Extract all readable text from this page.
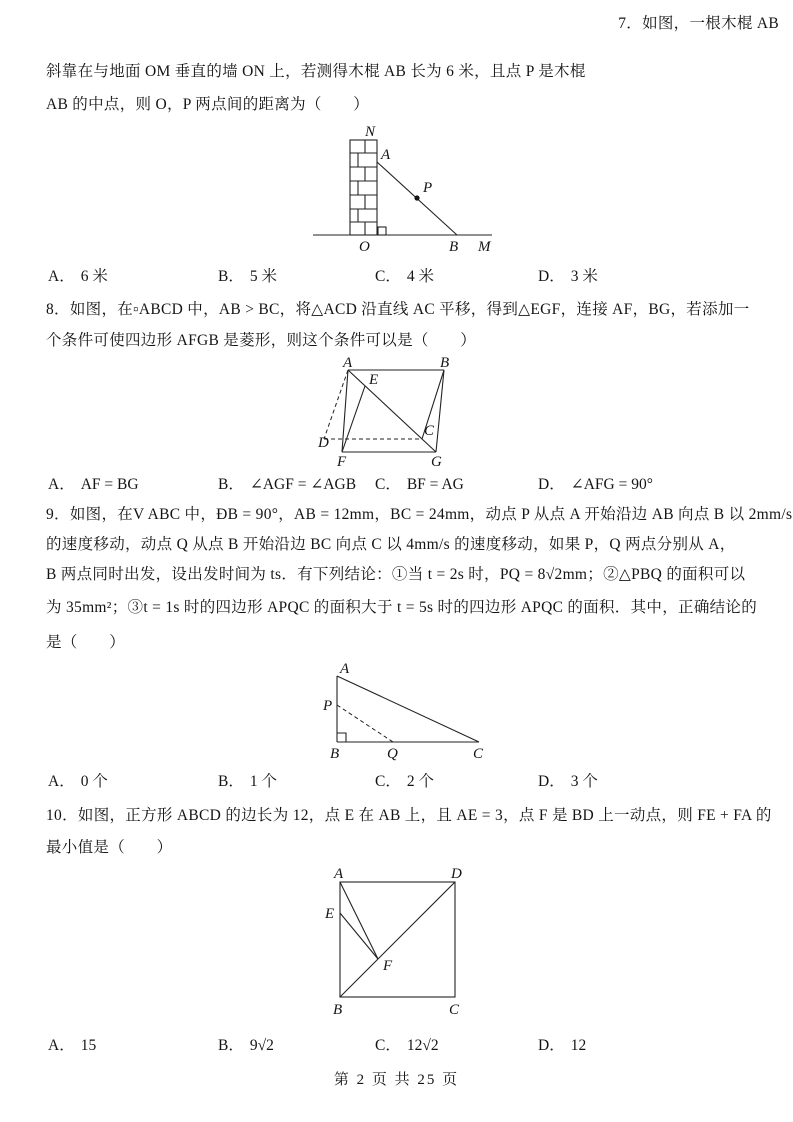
7．如图，一根木棍 AB
斜靠在与地面 OM 垂直的墙 ON 上，若测得木棍 AB 长为 6 米，且点 P 是木棍
AB 的中点，则 O，P 两点间的距离为（　　）
N
A
P
O	B M
A． 6 米	B． 5 米	C． 4 米	D． 3 米
8．如图，在▫ABCD 中，AB > BC，将△ACD 沿直线 AC 平移，得到△EGF，连接 AF，BG，若添加一
个条件可使四边形 AFGB 是菱形，则这个条件可以是（　　）
A	B
E
D
F	G
C
A． AF = BG	B． ∠AGF = ∠AGB C． BF = AG	D． ∠AFG = 90°
9．如图，在V ABC 中，ÐB = 90°，AB = 12mm，BC = 24mm，动点 P 从点 A 开始沿边 AB 向点 B 以 2mm/s
的速度移动，动点 Q 从点 B 开始沿边 BC 向点 C 以 4mm/s 的速度移动，如果 P，Q 两点分别从 A，
B 两点同时出发，设出发时间为 ts．有下列结论：①当 t = 2s 时，PQ = 8√2mm；②△PBQ 的面积可以
为 35mm²；③t = 1s 时的四边形 APQC 的面积大于 t = 5s 时的四边形 APQC 的面积．其中，正确结论的
是（　　）
A
P
B	Q	C
A． 0 个	B． 1 个	C． 2 个	D． 3 个
10．如图，正方形 ABCD 的边长为 12，点 E 在 AB 上，且 AE = 3，点 F 是 BD 上一动点，则 FE + FA 的
最小值是（　　）
A	D
E
F
B	C
A． 15	B． 9√2	C． 12√2	D． 12
第 2 页 共 25 页
